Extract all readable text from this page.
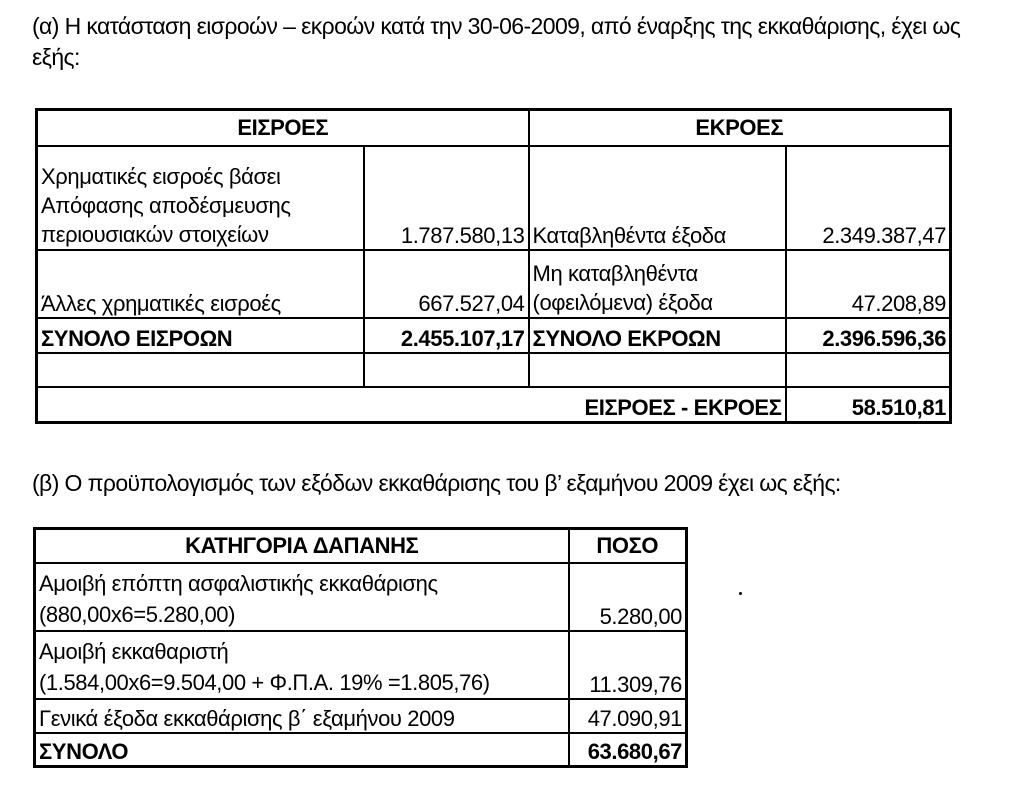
(α) Η κατάσταση εισροών – εκροών κατά την 30-06-2009, από έναρξης της εκκαθάρισης, έχει ως εξής:
ΕΙΣΡΟΕΣ		ΕΚΡΟΕΣ	
Χρηματικές εισροές βάσει Απόφασης αποδέσμευσης περιουσιακών στοιχείων	1.787.580,13	Καταβληθέντα έξοδα	2.349.387,47
Άλλες χρηματικές εισροές	667.527,04	Μη καταβληθέντα (οφειλόμενα) έξοδα	47.208,89
ΣΥΝΟΛΟ ΕΙΣΡΟΩΝ	2.455.107,17	ΣΥΝΟΛΟ ΕΚΡΟΩΝ	2.396.596,36

ΕΙΣΡΟΕΣ - ΕΚΡΟΕΣ			58.510,81
(β) Ο προϋπολογισμός των εξόδων εκκαθάρισης του β’ εξαμήνου 2009 έχει ως εξής:
ΚΑΤΗΓΟΡΙΑ ΔΑΠΑΝΗΣ	ΠΟΣΟ

Αμοιβή επόπτη ασφαλιστικής εκκαθάρισης
(880,00x6=5.280,00)	5.280,00

Αμοιβή εκκαθαριστή
(1.584,00x6=9.504,00 + Φ.Π.Α. 19% =1.805,76)	11.309,76
Γενικά έξοδα εκκαθάρισης β΄ εξαμήνου 2009	47.090,91
ΣΥΝΟΛΟ	63.680,67
